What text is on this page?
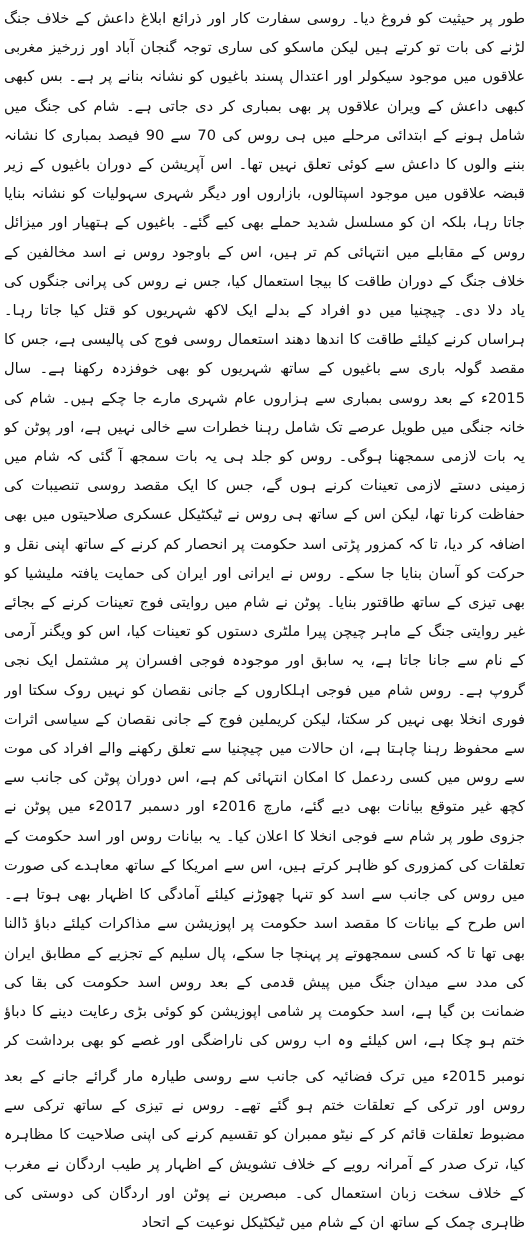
طور پر حیثیت کو فروغ دیا۔ روسی سفارت کار اور ذرائع ابلاغ داعش کے خلاف جنگ لڑنے کی بات تو کرتے ہیں لیکن ماسکو کی ساری توجہ گنجان آباد اور زرخیز مغربی علاقوں میں موجود سیکولر اور اعتدال پسند باغیوں کو نشانہ بنانے پر ہے۔ بس کبھی کبھی داعش کے ویران علاقوں پر بھی بمباری کر دی جاتی ہے۔ شام کی جنگ میں شامل ہونے کے ابتدائی مرحلے میں ہی روس کی 70 سے 90 فیصد بمباری کا نشانہ بننے والوں کا داعش سے کوئی تعلق نہیں تھا۔ اس آپریشن کے دوران باغیوں کے زیر قبضہ علاقوں میں موجود اسپتالوں، بازاروں اور دیگر شہری سہولیات کو نشانہ بنایا جاتا رہا، بلکہ ان کو مسلسل شدید حملے بھی کیے گئے۔ باغیوں کے ہتھیار اور میزائل روس کے مقابلے میں انتہائی کم تر ہیں، اس کے باوجود روس نے اسد مخالفین کے خلاف جنگ کے دوران طاقت کا بیجا استعمال کیا، جس نے روس کی پرانی جنگوں کی یاد دلا دی۔ چیچنیا میں دو افراد کے بدلے ایک لاکھ شہریوں کو قتل کیا جاتا رہا۔ ہراساں کرنے کیلئے طاقت کا اندھا دھند استعمال روسی فوج کی پالیسی ہے، جس کا مقصد گولہ باری سے باغیوں کے ساتھ شہریوں کو بھی خوفزدہ رکھنا ہے۔ سال 2015ء کے بعد روسی بمباری سے ہزاروں عام شہری مارے جا چکے ہیں۔ شام کی خانہ جنگی میں طویل عرصے تک شامل رہنا خطرات سے خالی نہیں ہے، اور پوٹن کو یہ بات لازمی سمجھنا ہوگی۔ روس کو جلد ہی یہ بات سمجھ آ گئی کہ شام میں زمینی دستے لازمی تعینات کرنے ہوں گے، جس کا ایک مقصد روسی تنصیبات کی حفاظت کرنا تھا، لیکن اس کے ساتھ ہی روس نے ٹیکٹیکل عسکری صلاحیتوں میں بھی اضافہ کر دیا، تا کہ کمزور پڑتی اسد حکومت پر انحصار کم کرنے کے ساتھ اپنی نقل و حرکت کو آسان بنایا جا سکے۔ روس نے ایرانی اور ایران کی حمایت یافتہ ملیشیا کو بھی تیزی کے ساتھ طاقتور بنایا۔ پوٹن نے شام میں روایتی فوج تعینات کرنے کے بجائے غیر روایتی جنگ کے ماہر چیچن پیرا ملٹری دستوں کو تعینات کیا، اس کو ویگنر آرمی کے نام سے جانا جاتا ہے، یہ سابق اور موجودہ فوجی افسران پر مشتمل ایک نجی گروپ ہے۔ روس شام میں فوجی اہلکاروں کے جانی نقصان کو نہیں روک سکتا اور فوری انخلا بھی نہیں کر سکتا، لیکن کریملین فوج کے جانی نقصان کے سیاسی اثرات سے محفوظ رہنا چاہتا ہے، ان حالات میں چیچنیا سے تعلق رکھنے والے افراد کی موت سے روس میں کسی ردعمل کا امکان انتہائی کم ہے، اس دوران پوٹن کی جانب سے کچھ غیر متوقع بیانات بھی دیے گئے، مارچ 2016ء اور دسمبر 2017ء میں پوٹن نے جزوی طور پر شام سے فوجی انخلا کا اعلان کیا۔ یہ بیانات روس اور اسد حکومت کے تعلقات کی کمزوری کو ظاہر کرتے ہیں، اس سے امریکا کے ساتھ معاہدے کی صورت میں روس کی جانب سے اسد کو تنہا چھوڑنے کیلئے آمادگی کا اظہار بھی ہوتا ہے۔ اس طرح کے بیانات کا مقصد اسد حکومت پر اپوزیشن سے مذاکرات کیلئے دباؤ ڈالنا بھی تھا تا کہ کسی سمجھوتے پر پہنچا جا سکے، پال سلیم کے تجزیے کے مطابق ایران کی مدد سے میدان جنگ میں پیش قدمی کے بعد روس اسد حکومت کی بقا کی ضمانت بن گیا ہے، اسد حکومت پر شامی اپوزیشن کو کوئی بڑی رعایت دینے کا دباؤ ختم ہو چکا ہے، اس کیلئے وہ اب روس کی ناراضگی اور غصے کو بھی برداشت کر

نومبر 2015ء میں ترک فضائیہ کی جانب سے روسی طیارہ مار گرائے جانے کے بعد روس اور ترکی کے تعلقات ختم ہو گئے تھے۔ روس نے تیزی کے ساتھ ترکی سے مضبوط تعلقات قائم کر کے نیٹو ممبران کو تقسیم کرنے کی اپنی صلاحیت کا مظاہرہ کیا، ترک صدر کے آمرانہ رویے کے خلاف تشویش کے اظہار پر طیب اردگان نے مغرب کے خلاف سخت زبان استعمال کی۔ مبصرین نے پوٹن اور اردگان کی دوستی کی ظاہری چمک کے ساتھ ان کے شام میں ٹیکٹیکل نوعیت کے اتحاد
